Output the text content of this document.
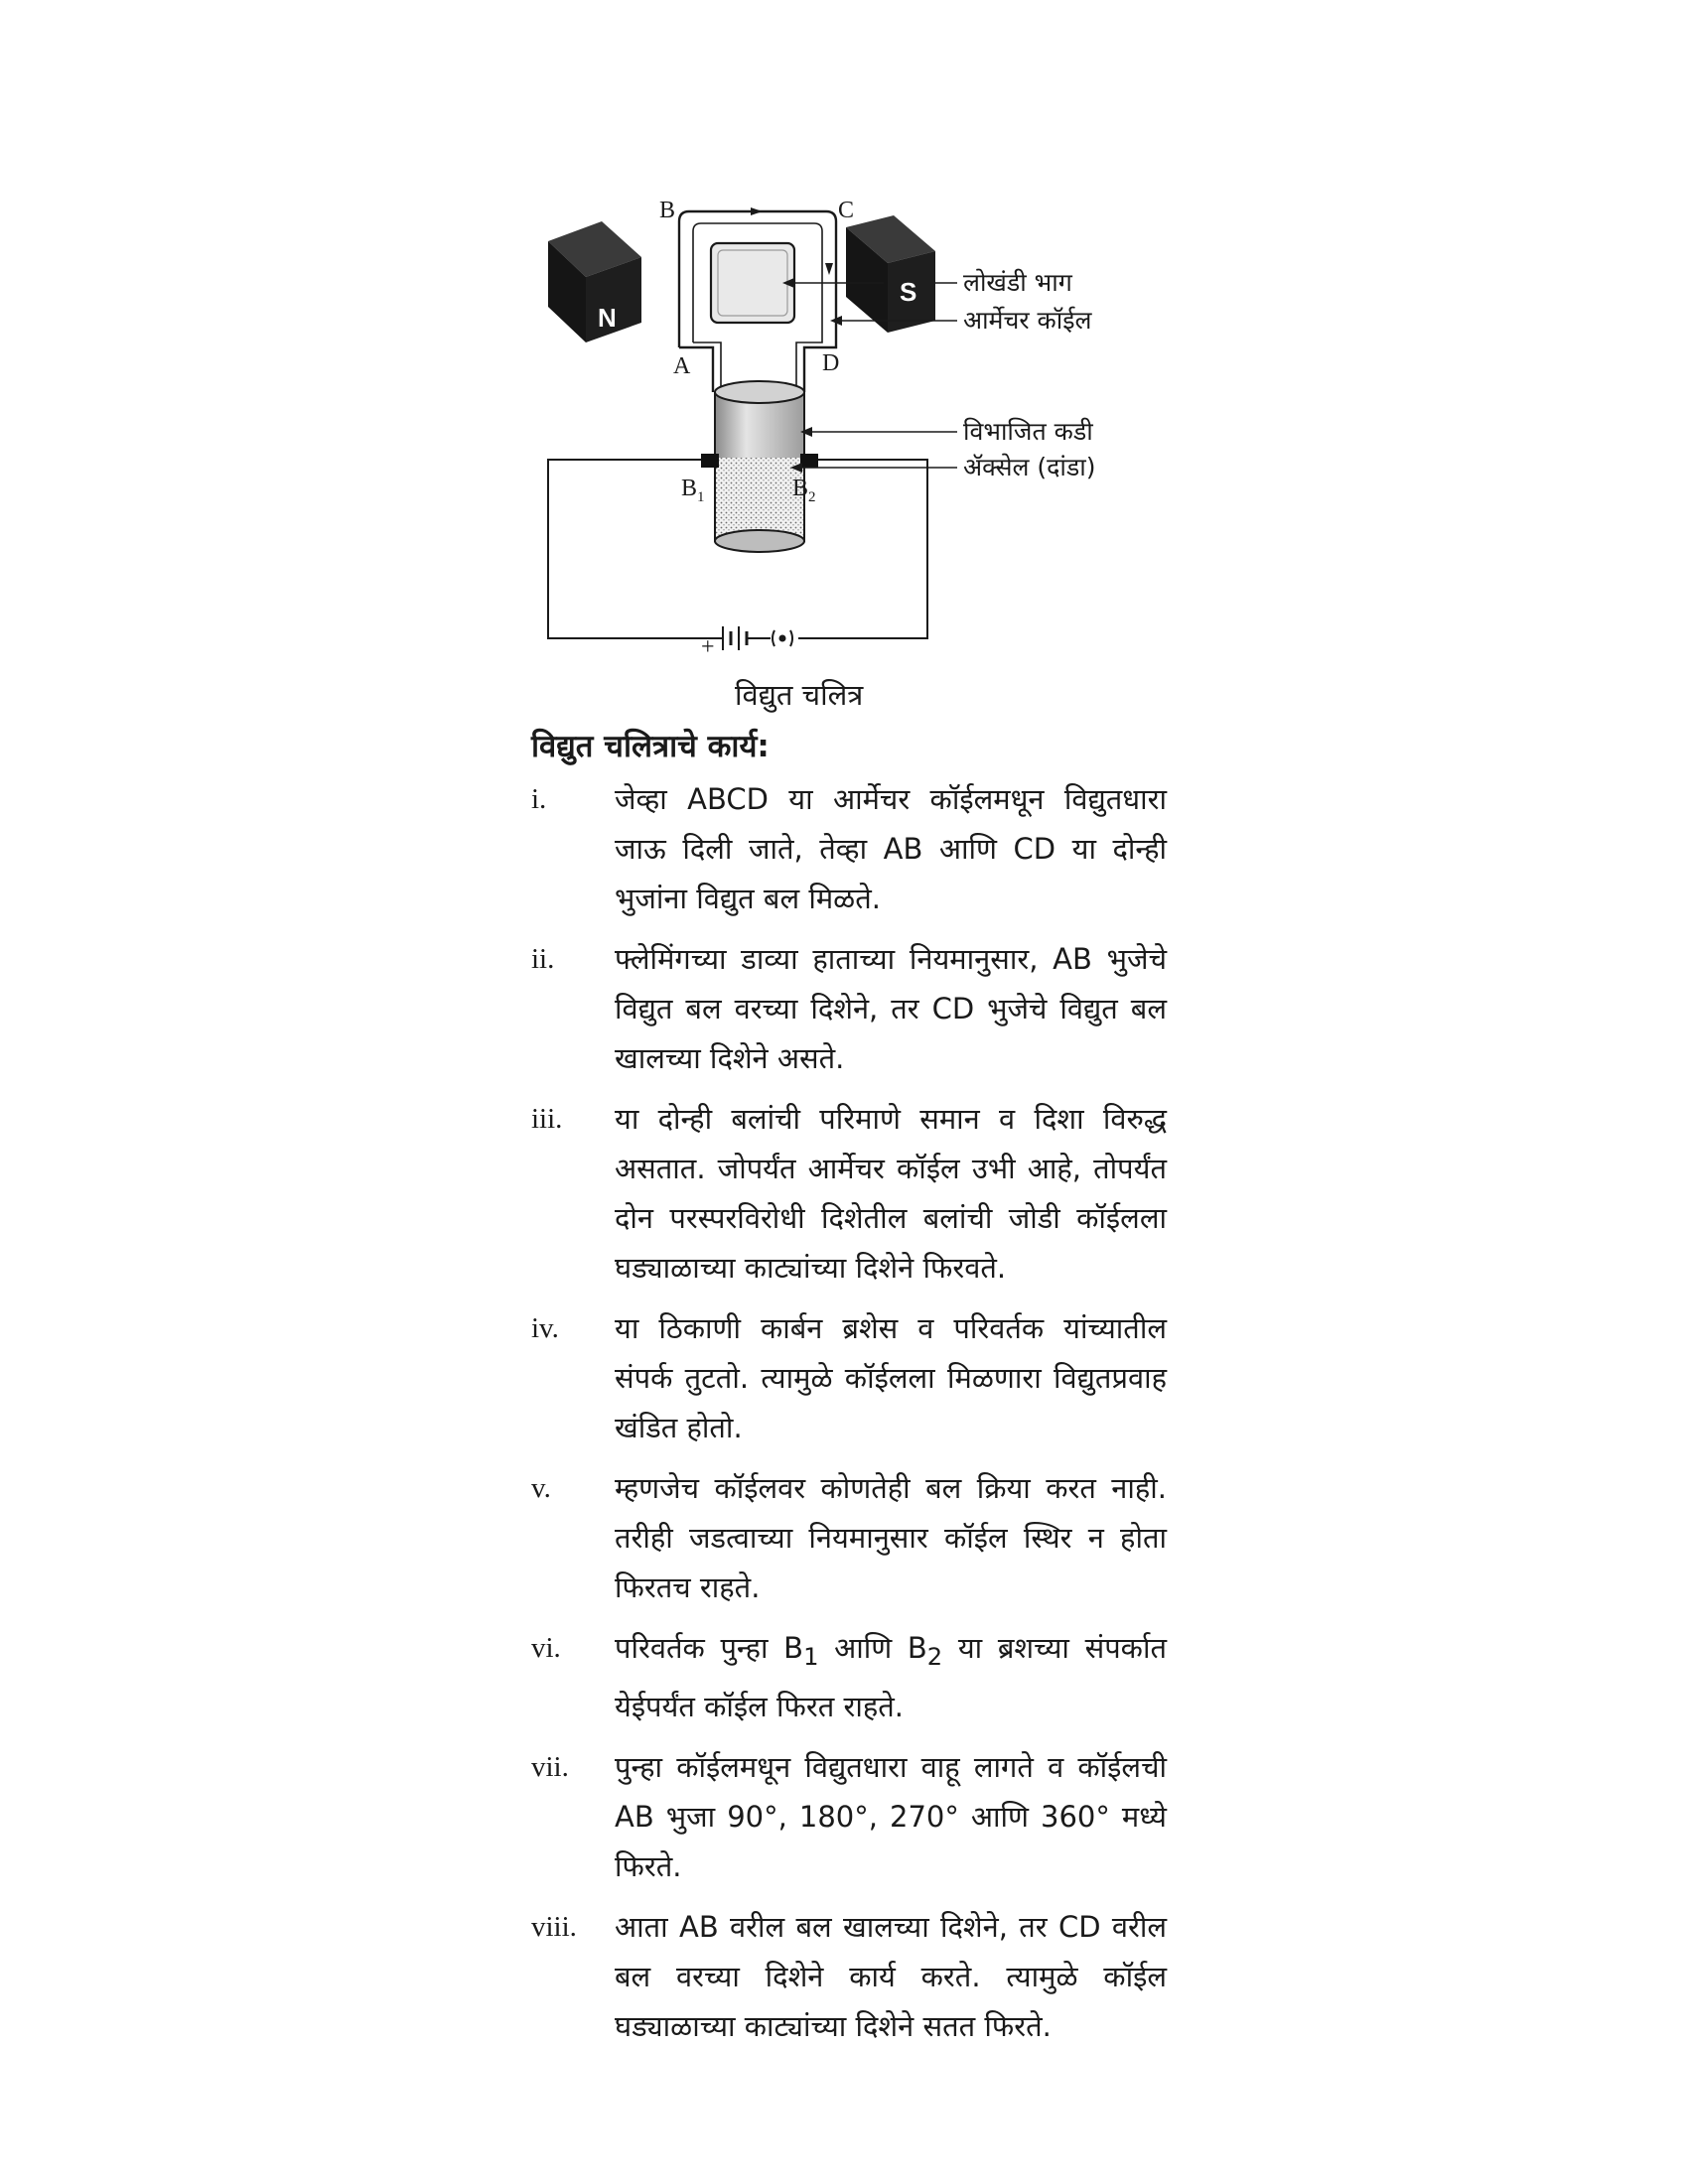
N
S
B	C
A	D
$B_1$	$B_2$
+
लोखंडी भाग
आर्मेचर कॉईल
विभाजित कडी
ॲक्सेल (दांडा)
विद्युत चलित्र
विद्युत चलित्राचे कार्य:
i.	जेव्हा ABCD या आर्मेचर कॉईलमधून विद्युतधारा जाऊ दिली जाते, तेव्हा AB आणि CD या दोन्ही भुजांना विद्युत बल मिळते.
ii.	फ्लेमिंगच्या डाव्या हाताच्या नियमानुसार, AB भुजेचे विद्युत बल वरच्या दिशेने, तर CD भुजेचे विद्युत बल खालच्या दिशेने असते.
iii.	या दोन्ही बलांची परिमाणे समान व दिशा विरुद्ध असतात. जोपर्यंत आर्मेचर कॉईल उभी आहे, तोपर्यंत दोन परस्परविरोधी दिशेतील बलांची जोडी कॉईलला घड्याळाच्या काट्यांच्या दिशेने फिरवते.
iv.	या ठिकाणी कार्बन ब्रशेस व परिवर्तक यांच्यातील संपर्क तुटतो. त्यामुळे कॉईलला मिळणारा विद्युतप्रवाह खंडित होतो.
v.	म्हणजेच कॉईलवर कोणतेही बल क्रिया करत नाही. तरीही जडत्वाच्या नियमानुसार कॉईल स्थिर न होता फिरतच राहते.
vi.	परिवर्तक पुन्हा $B_1$ आणि $B_2$ या ब्रशच्या संपर्कात येईपर्यंत कॉईल फिरत राहते.
vii.	पुन्हा कॉईलमधून विद्युतधारा वाहू लागते व कॉईलची AB भुजा 90°, 180°, 270° आणि 360° मध्ये फिरते.
viii.	आता AB वरील बल खालच्या दिशेने, तर CD वरील बल वरच्या दिशेने कार्य करते. त्यामुळे कॉईल घड्याळाच्या काट्यांच्या दिशेने सतत फिरते.
